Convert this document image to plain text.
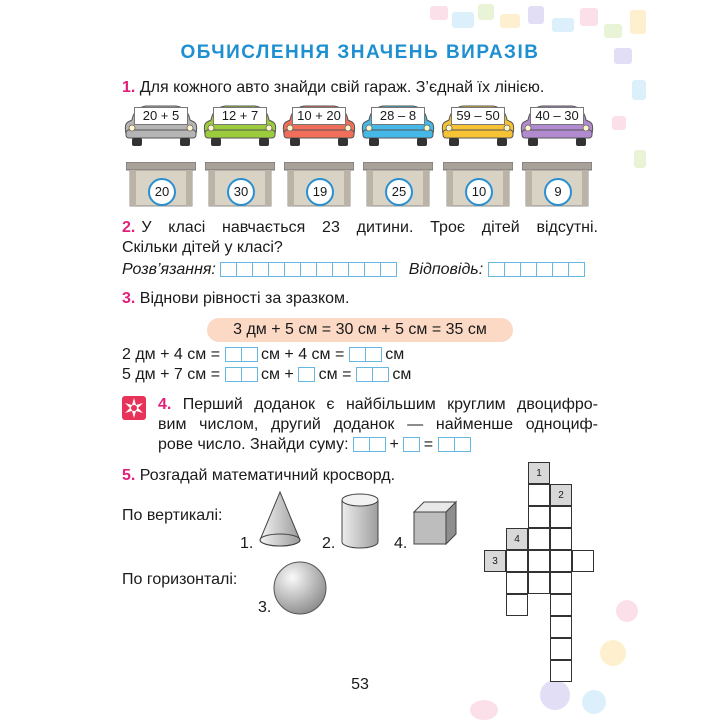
ОБЧИСЛЕННЯ ЗНАЧЕНЬ ВИРАЗІВ
1. Для кожного авто знайди свій гараж. З’єднай їх лінією.
20 + 5	12 + 7	10 + 20	28 – 8	59 – 50	40 – 30
20	30	19	25	10	9
2. У класі навчається 23 дитини. Троє дітей відсутні.
Скільки дітей у класі?
Розв’язання:	Відповідь:
3. Віднови рівності за зразком.
3 дм + 5 см = 30 см + 5 см = 35 см
2 дм + 4 см =	см + 4 см =	см
5 дм + 7 см =	см + см =	см
4. Перший доданок є найбільшим круглим двоцифро-
вим числом, другий доданок — найменше одноциф-
рове число. Знайди суму:	+ =
5. Розгадай математичний кросворд.
По вертикалі:
По горизонталі:
1.	2.	4.
3.
1
2
4
3
53
